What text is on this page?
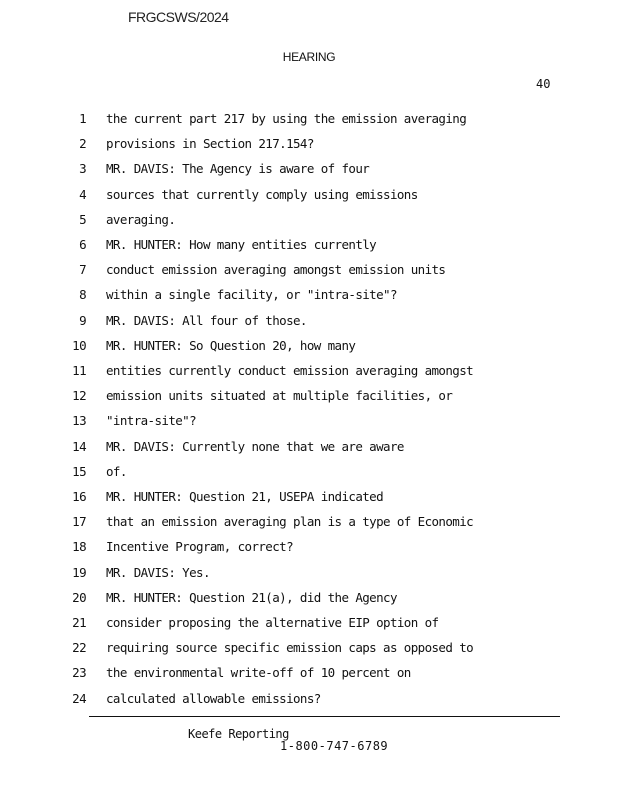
FRGCSWS/2024
HEARING
40
1 the current part 217 by using the emission averaging
2 provisions in Section 217.154?
3 MR. DAVIS: The Agency is aware of four
4 sources that currently comply using emissions
5 averaging.
6 MR. HUNTER: How many entities currently
7 conduct emission averaging amongst emission units
8 within a single facility, or "intra-site"?
9 MR. DAVIS: All four of those.
10 MR. HUNTER: So Question 20, how many
11 entities currently conduct emission averaging amongst
12 emission units situated at multiple facilities, or
13 "intra-site"?
14 MR. DAVIS: Currently none that we are aware
15 of.
16 MR. HUNTER: Question 21, USEPA indicated
17 that an emission averaging plan is a type of Economic
18 Incentive Program, correct?
19 MR. DAVIS: Yes.
20 MR. HUNTER: Question 21(a), did the Agency
21 consider proposing the alternative EIP option of
22 requiring source specific emission caps as opposed to
23 the environmental write-off of 10 percent on
24 calculated allowable emissions?
Keefe Reporting
1-800-747-6789
